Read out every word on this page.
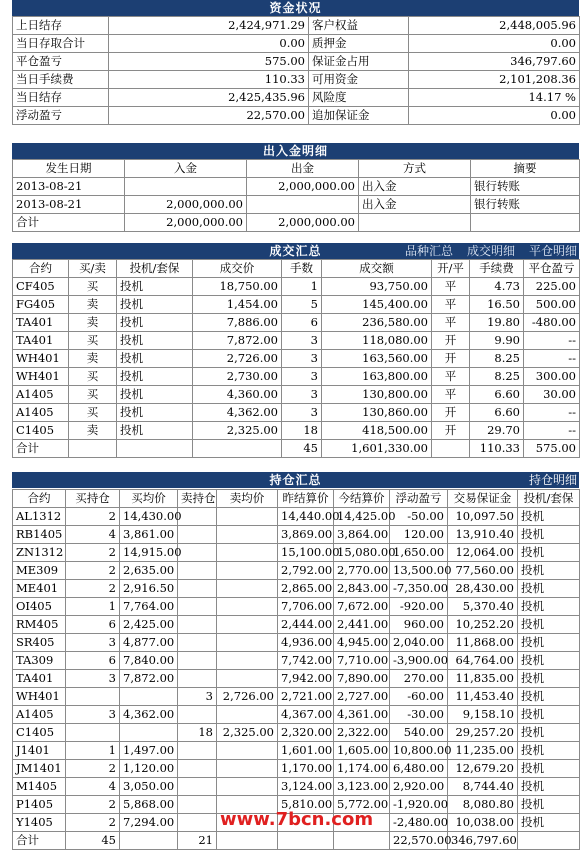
资金状况
上日结存	2,424,971.29	客户权益	2,448,005.96
当日存取合计	0.00	质押金	0.00
平仓盈亏	575.00	保证金占用	346,797.60
当日手续费	110.33	可用资金	2,101,208.36
当日结存	2,425,435.96	风险度	14.17 %
浮动盈亏	22,570.00	追加保证金	0.00
出入金明细
发生日期	入金	出金	方式	摘要
2013-08-21		2,000,000.00	出入金	银行转账
2013-08-21	2,000,000.00		出入金	银行转账
合计	2,000,000.00	2,000,000.00		
成交汇总	品种汇总 成交明细 平仓明细
合约	买/卖	投机/套保	成交价	手数	成交额	开/平	手续费	平仓盈亏
CF405	买	投机	18,750.00	1	93,750.00	平	4.73	225.00
FG405	卖	投机	1,454.00	5	145,400.00	平	16.50	500.00
TA401	卖	投机	7,886.00	6	236,580.00	平	19.80	-480.00
TA401	买	投机	7,872.00	3	118,080.00	开	9.90	--
WH401	卖	投机	2,726.00	3	163,560.00	开	8.25	--
WH401	买	投机	2,730.00	3	163,800.00	平	8.25	300.00
A1405	买	投机	4,360.00	3	130,800.00	平	6.60	30.00
A1405	买	投机	4,362.00	3	130,860.00	开	6.60	--
C1405	卖	投机	2,325.00	18	418,500.00	开	29.70	--
合计				45	1,601,330.00		110.33	575.00
持仓汇总	持仓明细
合约	买持仓	买均价	卖持仓	卖均价	昨结算价	今结算价	浮动盈亏	交易保证金	投机/套保
AL1312	2	14,430.00			14,440.00	14,425.00	-50.00	10,097.50	投机
RB1405	4	3,861.00			3,869.00	3,864.00	120.00	13,910.40	投机
ZN1312	2	14,915.00			15,100.00	15,080.00	1,650.00	12,064.00	投机
ME309	2	2,635.00			2,792.00	2,770.00	13,500.00	77,560.00	投机
ME401	2	2,916.50			2,865.00	2,843.00	-7,350.00	28,430.00	投机
OI405	1	7,764.00			7,706.00	7,672.00	-920.00	5,370.40	投机
RM405	6	2,425.00			2,444.00	2,441.00	960.00	10,252.20	投机
SR405	3	4,877.00			4,936.00	4,945.00	2,040.00	11,868.00	投机
TA309	6	7,840.00			7,742.00	7,710.00	-3,900.00	64,764.00	投机
TA401	3	7,872.00			7,942.00	7,890.00	270.00	11,835.00	投机
WH401			3	2,726.00	2,721.00	2,727.00	-60.00	11,453.40	投机
A1405	3	4,362.00			4,367.00	4,361.00	-30.00	9,158.10	投机
C1405			18	2,325.00	2,320.00	2,322.00	540.00	29,257.20	投机
J1401	1	1,497.00			1,601.00	1,605.00	10,800.00	11,235.00	投机
JM1401	2	1,120.00			1,170.00	1,174.00	6,480.00	12,679.20	投机
M1405	4	3,050.00			3,124.00	3,123.00	2,920.00	8,744.40	投机
P1405	2	5,868.00			5,810.00	5,772.00	-1,920.00	8,080.80	投机
Y1405	2	7,294.00					-2,480.00	10,038.00	投机
合计	45		21				22,570.00	346,797.60	
www.7bcn.com
